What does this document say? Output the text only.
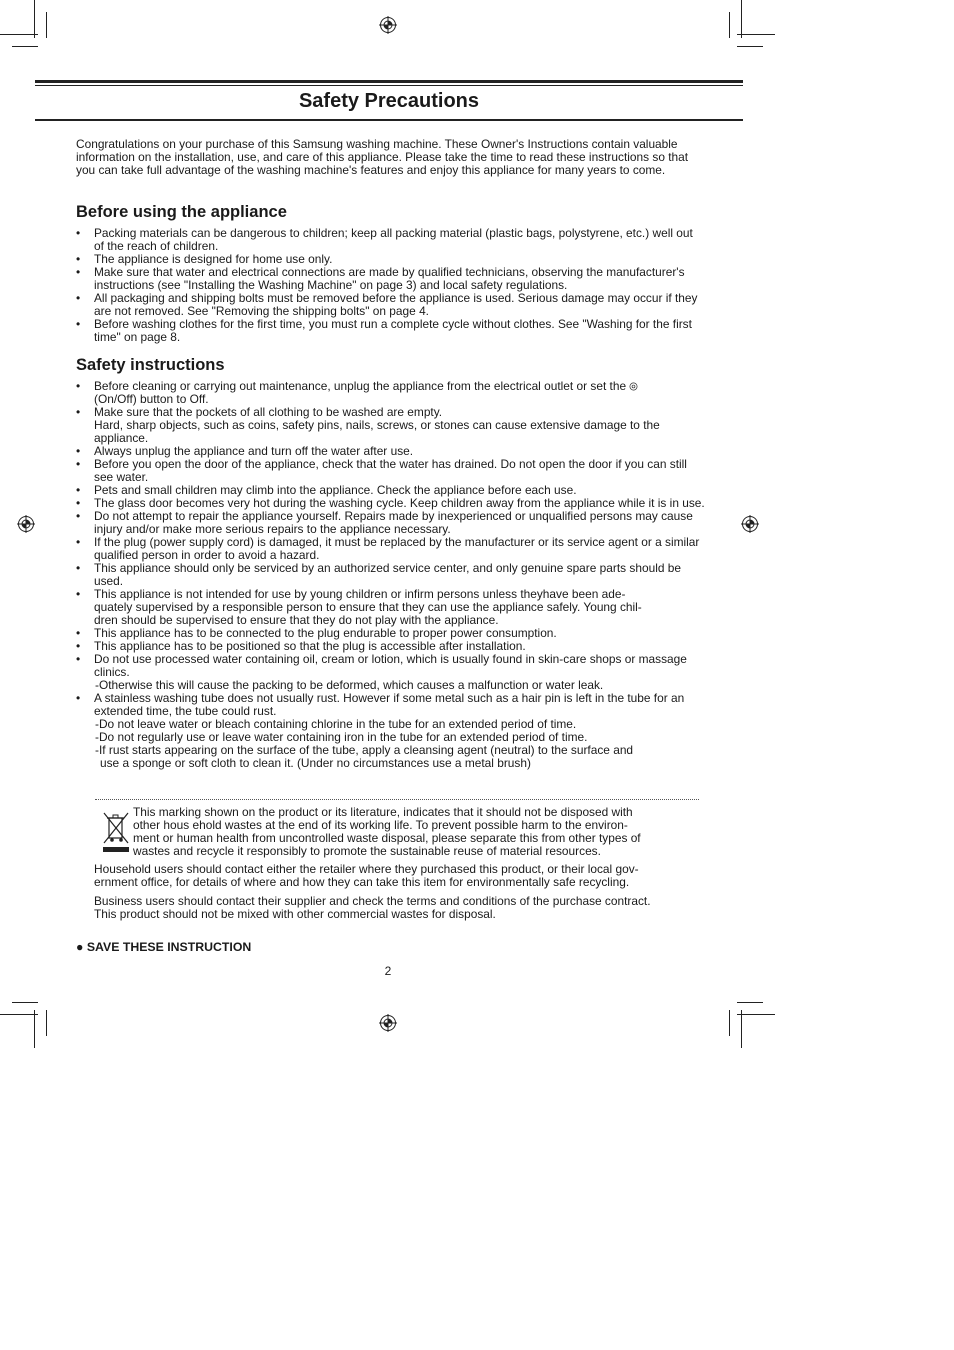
Safety Precautions
Congratulations on your purchase of this Samsung washing machine. These Owner's Instructions contain valuable information on the installation, use, and care of this appliance. Please take the time to read these instructions so that you can take full advantage of the washing machine's features and enjoy this appliance for many years to come.
Before using the appliance
•	Packing materials can be dangerous to children; keep all packing material (plastic bags, polystyrene, etc.) well out of the reach of children.
•	The appliance is designed for home use only.
•	Make sure that water and electrical connections are made by qualified technicians, observing the manufacturer's instructions (see "Installing the Washing Machine" on page 3) and local safety regulations.
•	All packaging and shipping bolts must be removed before the appliance is used. Serious damage may occur if they are not removed. See "Removing the shipping bolts" on page 4.
•	Before washing clothes for the first time, you must run a complete cycle without clothes. See "Washing for the first time" on page 8.
Safety instructions
•	Before cleaning or carrying out maintenance, unplug the appliance from the electrical outlet or set the
(On/Off) button to Off.
•	Make sure that the pockets of all clothing to be washed are empty.
Hard, sharp objects, such as coins, safety pins, nails, screws, or stones can cause extensive damage to the appliance.
•	Always unplug the appliance and turn off the water after use.
•	Before you open the door of the appliance, check that the water has drained. Do not open the door if you can still see water.
•	Pets and small children may climb into the appliance. Check the appliance before each use.
•	The glass door becomes very hot during the washing cycle. Keep children away from the appliance while it is in use.
•	Do not attempt to repair the appliance yourself. Repairs made by inexperienced or unqualified persons may cause injury and/or make more serious repairs to the appliance necessary.
•	If the plug (power supply cord) is damaged, it must be replaced by the manufacturer or its service agent or a similar qualified person in order to avoid a hazard.
•	This appliance should only be serviced by an authorized service center, and only genuine spare parts should be used.
•	This appliance is not intended for use by young children or infirm persons unless theyhave been ade-
quately supervised by a responsible person to ensure that they can use the appliance safely. Young chil-
dren should be supervised to ensure that they do not play with the appliance.
•	This appliance has to be connected to the plug endurable to proper power consumption.
•	This appliance has to be positioned so that the plug is accessible after installation.
•	Do not use processed water containing oil, cream or lotion, which is usually found in skin-care shops or massage clinics.
-Otherwise this will cause the packing to be deformed, which causes a malfunction or water leak.
•	A stainless washing tube does not usually rust. However if some metal such as a hair pin is left in the tube for an extended time, the tube could rust.
-Do not leave water or bleach containing chlorine in the tube for an extended period of time.
-Do not regularly use or leave water containing iron in the tube for an extended period of time.
-If rust starts appearing on the surface of the tube, apply a cleansing agent (neutral) to the surface and
use a sponge or soft cloth to clean it. (Under no circumstances use a metal brush)
This marking shown on the product or its literature, indicates that it should not be disposed with
other hous ehold wastes at the end of its working life. To prevent possible harm to the environ-
ment or human health from uncontrolled waste disposal, please separate this from other types of
wastes and recycle it responsibly to promote the sustainable reuse of material resources.
Household users should contact either the retailer where they purchased this product, or their local gov-
ernment office, for details of where and how they can take this item for environmentally safe recycling.
Business users should contact their supplier and check the terms and conditions of the purchase contract.
This product should not be mixed with other commercial wastes for disposal.
● SAVE THESE INSTRUCTION
2
